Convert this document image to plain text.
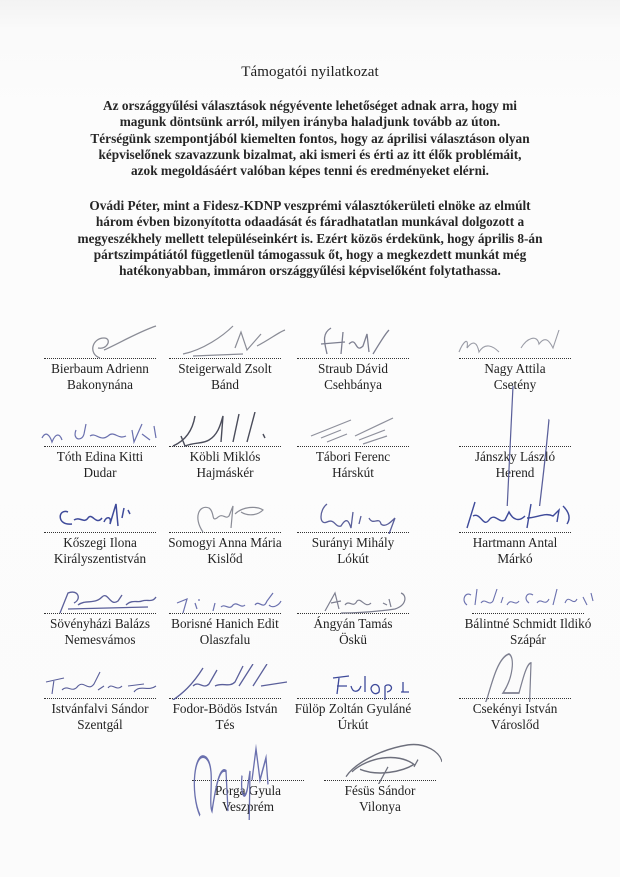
Támogatói nyilatkozat
Az országgyűlési választások négyévente lehetőséget adnak arra, hogy mi
magunk döntsünk arról, milyen irányba haladjunk tovább az úton.
Térségünk szempontjából kiemelten fontos, hogy az áprilisi választáson olyan
képviselőnek szavazzunk bizalmat, aki ismeri és érti az itt élők problémáit,
azok megoldásáért valóban képes tenni és eredményeket elérni.
Ovádi Péter, mint a Fidesz-KDNP veszprémi választókerületi elnöke az elmúlt
három évben bizonyította odaadását és fáradhatatlan munkával dolgozott a
megyeszékhely mellett településeinkért is. Ezért közös érdekünk, hogy április 8-án
pártszimpátiától függetlenül támogassuk őt, hogy a megkezdett munkát még
hatékonyabban, immáron országgyűlési képviselőként folytathassa.
Bierbaum Adrienn
Bakonynána
Steigerwald Zsolt
Bánd
Straub Dávid
Csehbánya
Nagy Attila
Csetény
Tóth Edina Kitti
Dudar
Köbli Miklós
Hajmáskér
Tábori Ferenc
Hárskút
Jánszky László
Herend
Kőszegi Ilona
Királyszentistván
Somogyi Anna Mária
Kislőd
Surányi Mihály
Lókút
Hartmann Antal
Márkó
Sövényházi Balázs
Nemesvámos
Borisné Hanich Edit
Olaszfalu
Ángyán Tamás
Öskü
Bálintné Schmidt Ildikó
Szápár
Istvánfalvi Sándor
Szentgál
Fodor-Bödös István
Tés
Fülöp Zoltán Gyuláné
Úrkút
Csekényi István
Városlőd
Porga Gyula
Veszprém
Fésüs Sándor
Vilonya
